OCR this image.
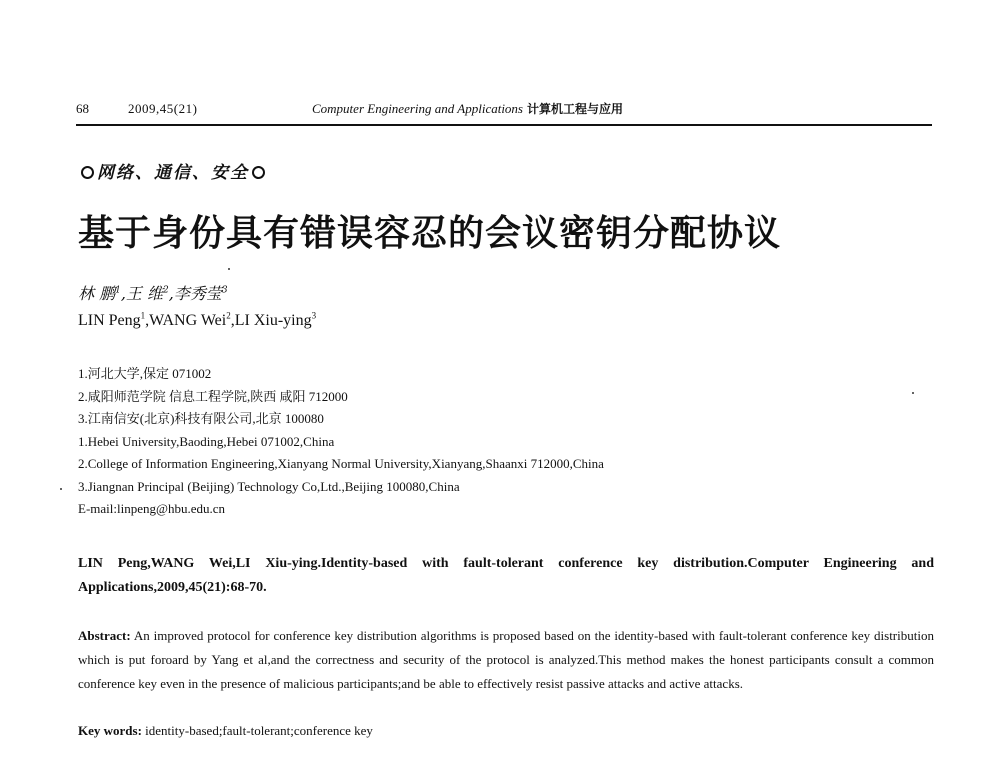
68	2009,45(21)	Computer Engineering and Applications 计算机工程与应用
网络、通信、安全
基于身份具有错误容忍的会议密钥分配协议
林 鹏$^1$,王 维$^2$,李秀莹$^3$
LIN Peng$^1$,WANG Wei$^2$,LI Xiu-ying$^3$
1.河北大学,保定 071002
2.咸阳师范学院 信息工程学院,陕西 咸阳 712000
3.江南信安(北京)科技有限公司,北京 100080
1.Hebei University,Baoding,Hebei 071002,China
2.College of Information Engineering,Xianyang Normal University,Xianyang,Shaanxi 712000,China
3.Jiangnan Principal (Beijing) Technology Co,Ltd.,Beijing 100080,China
E-mail:linpeng@hbu.edu.cn
LIN Peng,WANG Wei,LI Xiu-ying.Identity-based with fault-tolerant conference key distribution.Computer Engineering and Applications,2009,45(21):68-70.
Abstract: An improved protocol for conference key distribution algorithms is proposed based on the identity-based with fault-tolerant conference key distribution which is put foroard by Yang et al,and the correctness and security of the protocol is analyzed.This method makes the honest participants consult a common conference key even in the presence of malicious participants;and be able to effectively resist passive attacks and active attacks.
Key words: identity-based;fault-tolerant;conference key
